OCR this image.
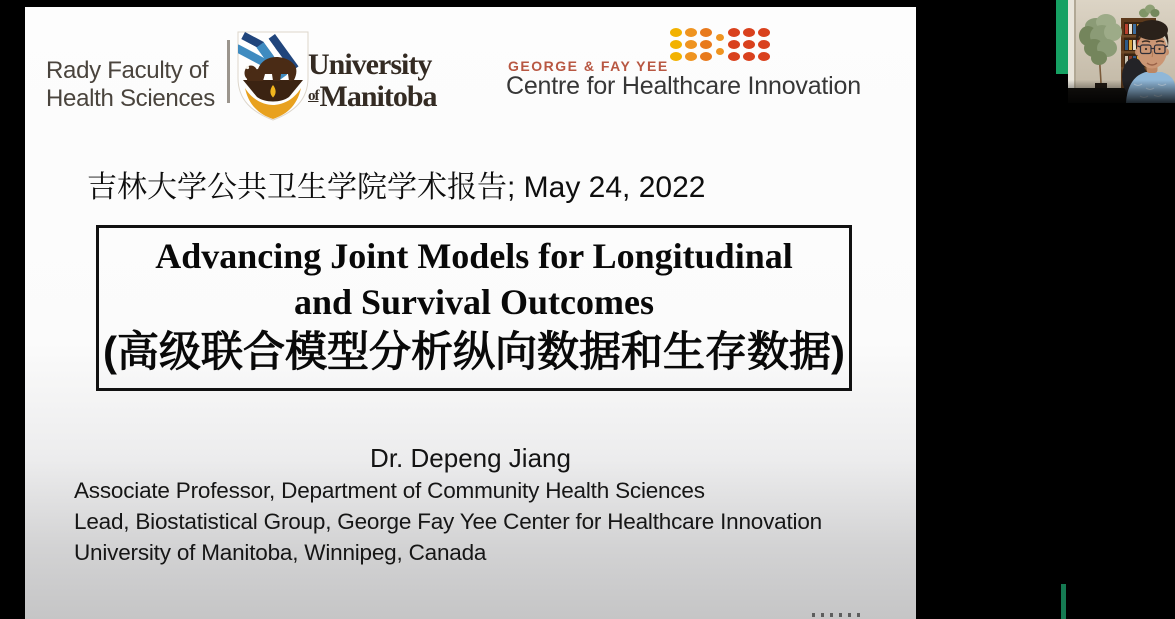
Rady Faculty of
Health Sciences
University
$^{of}$Manitoba
GEORGE & FAY YEE
Centre for Healthcare Innovation
吉林大学公共卫生学院学术报告; May 24, 2022
Advancing Joint Models for Longitudinal
and Survival Outcomes
(高级联合模型分析纵向数据和生存数据)
Dr. Depeng Jiang
Associate Professor, Department of Community Health Sciences
Lead, Biostatistical Group, George Fay Yee Center for Healthcare Innovation
University of Manitoba, Winnipeg, Canada
